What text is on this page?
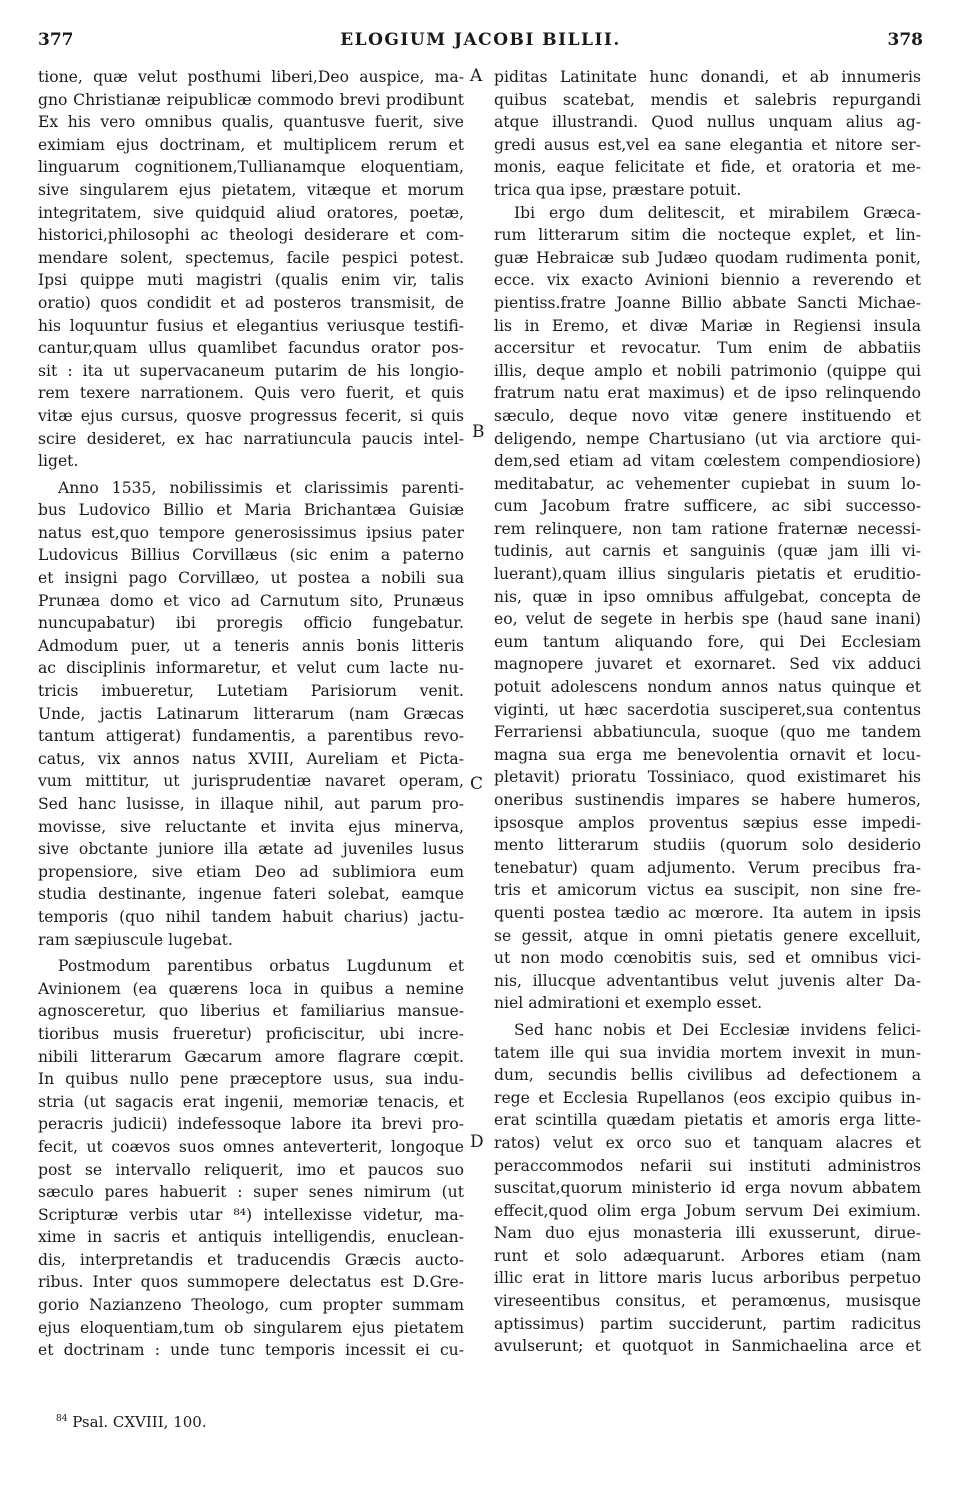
ELOGIUM JACOBI BILLII.
377	378
tione, quæ velut posthumi liberi,Deo auspice, ma-
gno Christianæ reipublicæ commodo brevi prodibunt
Ex his vero omnibus qualis, quantusve fuerit, sive
eximiam ejus doctrinam, et multiplicem rerum et
linguarum cognitionem,Tullianamque eloquentiam,
sive singularem ejus pietatem, vitæque et morum
integritatem, sive quidquid aliud oratores, poetæ,
historici,philosophi ac theologi desiderare et com-
mendare solent, spectemus, facile pespici potest.
Ipsi quippe muti magistri (qualis enim vir, talis
oratio) quos condidit et ad posteros transmisit, de
his loquuntur fusius et elegantius veriusque testifi-
cantur,quam ullus quamlibet facundus orator pos-
sit : ita ut supervacaneum putarim de his longio-
rem texere narrationem. Quis vero fuerit, et quis
vitæ ejus cursus, quosve progressus fecerit, si quis
scire desideret, ex hac narratiuncula paucis intel-
liget.
Anno 1535, nobilissimis et clarissimis parenti-
bus Ludovico Billio et Maria Brichantæa Guisiæ
natus est,quo tempore generosissimus ipsius pater
Ludovicus Billius Corvillæus (sic enim a paterno
et insigni pago Corvillæo, ut postea a nobili sua
Prunæa domo et vico ad Carnutum sito, Prunæus
nuncupabatur) ibi proregis officio fungebatur.
Admodum puer, ut a teneris annis bonis litteris
ac disciplinis informaretur, et velut cum lacte nu-
tricis imbueretur, Lutetiam Parisiorum venit.
Unde, jactis Latinarum litterarum (nam Græcas
tantum attigerat) fundamentis, a parentibus revo-
catus, vix annos natus XVIII, Aureliam et Picta-
vum mittitur, ut jurisprudentiæ navaret operam,
Sed hanc lusisse, in illaque nihil, aut parum pro-
movisse, sive reluctante et invita ejus minerva,
sive obctante juniore illa ætate ad juveniles lusus
propensiore, sive etiam Deo ad sublimiora eum
studia destinante, ingenue fateri solebat, eamque
temporis (quo nihil tandem habuit charius) jactu-
ram sæpiuscule lugebat.
Postmodum parentibus orbatus Lugdunum et
Avinionem (ea quærens loca in quibus a nemine
agnosceretur, quo liberius et familiarius mansue-
tioribus musis frueretur) proficiscitur, ubi incre-
nibili litterarum Gæcarum amore flagrare cœpit.
In quibus nullo pene præceptore usus, sua indu-
stria (ut sagacis erat ingenii, memoriæ tenacis, et
peracris judicii) indefessoque labore ita brevi pro-
fecit, ut coævos suos omnes anteverterit, longoque
post se intervallo reliquerit, imo et paucos suo
sæculo pares habuerit : super senes nimirum (ut
Scripturæ verbis utar ⁸⁴) intellexisse videtur, ma-
xime in sacris et antiquis intelligendis, enuclean-
dis, interpretandis et traducendis Græcis aucto-
ribus. Inter quos summopere delectatus est D.Gre-
gorio Nazianzeno Theologo, cum propter summam
ejus eloquentiam,tum ob singularem ejus pietatem
et doctrinam : unde tunc temporis incessit ei cu-
piditas Latinitate hunc donandi, et ab innumeris
quibus scatebat, mendis et salebris repurgandi
atque illustrandi. Quod nullus unquam alius ag-
gredi ausus est,vel ea sane elegantia et nitore ser-
monis, eaque felicitate et fide, et oratoria et me-
trica qua ipse, præstare potuit.
Ibi ergo dum delitescit, et mirabilem Græca-
rum litterarum sitim die nocteque explet, et lin-
guæ Hebraicæ sub Judæo quodam rudimenta ponit,
ecce. vix exacto Avinioni biennio a reverendo et
pientiss.fratre Joanne Billio abbate Sancti Michae-
lis in Eremo, et divæ Mariæ in Regiensi insula
accersitur et revocatur. Tum enim de abbatiis
illis, deque amplo et nobili patrimonio (quippe qui
fratrum natu erat maximus) et de ipso relinquendo
sæculo, deque novo vitæ genere instituendo et
deligendo, nempe Chartusiano (ut via arctiore qui-
dem,sed etiam ad vitam cœlestem compendiosiore)
meditabatur, ac vehementer cupiebat in suum lo-
cum Jacobum fratre sufficere, ac sibi successo-
rem relinquere, non tam ratione fraternæ necessi-
tudinis, aut carnis et sanguinis (quæ jam illi vi-
luerant),quam illius singularis pietatis et eruditio-
nis, quæ in ipso omnibus affulgebat, concepta de
eo, velut de segete in herbis spe (haud sane inani)
eum tantum aliquando fore, qui Dei Ecclesiam
magnopere juvaret et exornaret. Sed vix adduci
potuit adolescens nondum annos natus quinque et
viginti, ut hæc sacerdotia susciperet,sua contentus
Ferrariensi abbatiuncula, suoque (quo me tandem
magna sua erga me benevolentia ornavit et locu-
pletavit) prioratu Tossiniaco, quod existimaret his
oneribus sustinendis impares se habere humeros,
ipsosque amplos proventus sæpius esse impedi-
mento litterarum studiis (quorum solo desiderio
tenebatur) quam adjumento. Verum precibus fra-
tris et amicorum victus ea suscipit, non sine fre-
quenti postea tædio ac mœrore. Ita autem in ipsis
se gessit, atque in omni pietatis genere excelluit,
ut non modo cœnobitis suis, sed et omnibus vici-
nis, illucque adventantibus velut juvenis alter Da-
niel admirationi et exemplo esset.
Sed hanc nobis et Dei Ecclesiæ invidens felici-
tatem ille qui sua invidia mortem invexit in mun-
dum, secundis bellis civilibus ad defectionem a
rege et Ecclesia Rupellanos (eos excipio quibus in-
erat scintilla quædam pietatis et amoris erga litte-
ratos) velut ex orco suo et tanquam alacres et
peraccommodos nefarii sui instituti administros
suscitat,quorum ministerio id erga novum abbatem
effecit,quod olim erga Jobum servum Dei eximium.
Nam duo ejus monasteria illi exusserunt, dirue-
runt et solo adæquarunt. Arbores etiam (nam
illic erat in littore maris lucus arboribus perpetuo
vireseentibus consitus, et peramœnus, musisque
aptissimus) partim succiderunt, partim radicitus
avulserunt; et quotquot in Sanmichaelina arce et
A
B
C
D
$^{84}$ Psal. CXVIII, 100.
